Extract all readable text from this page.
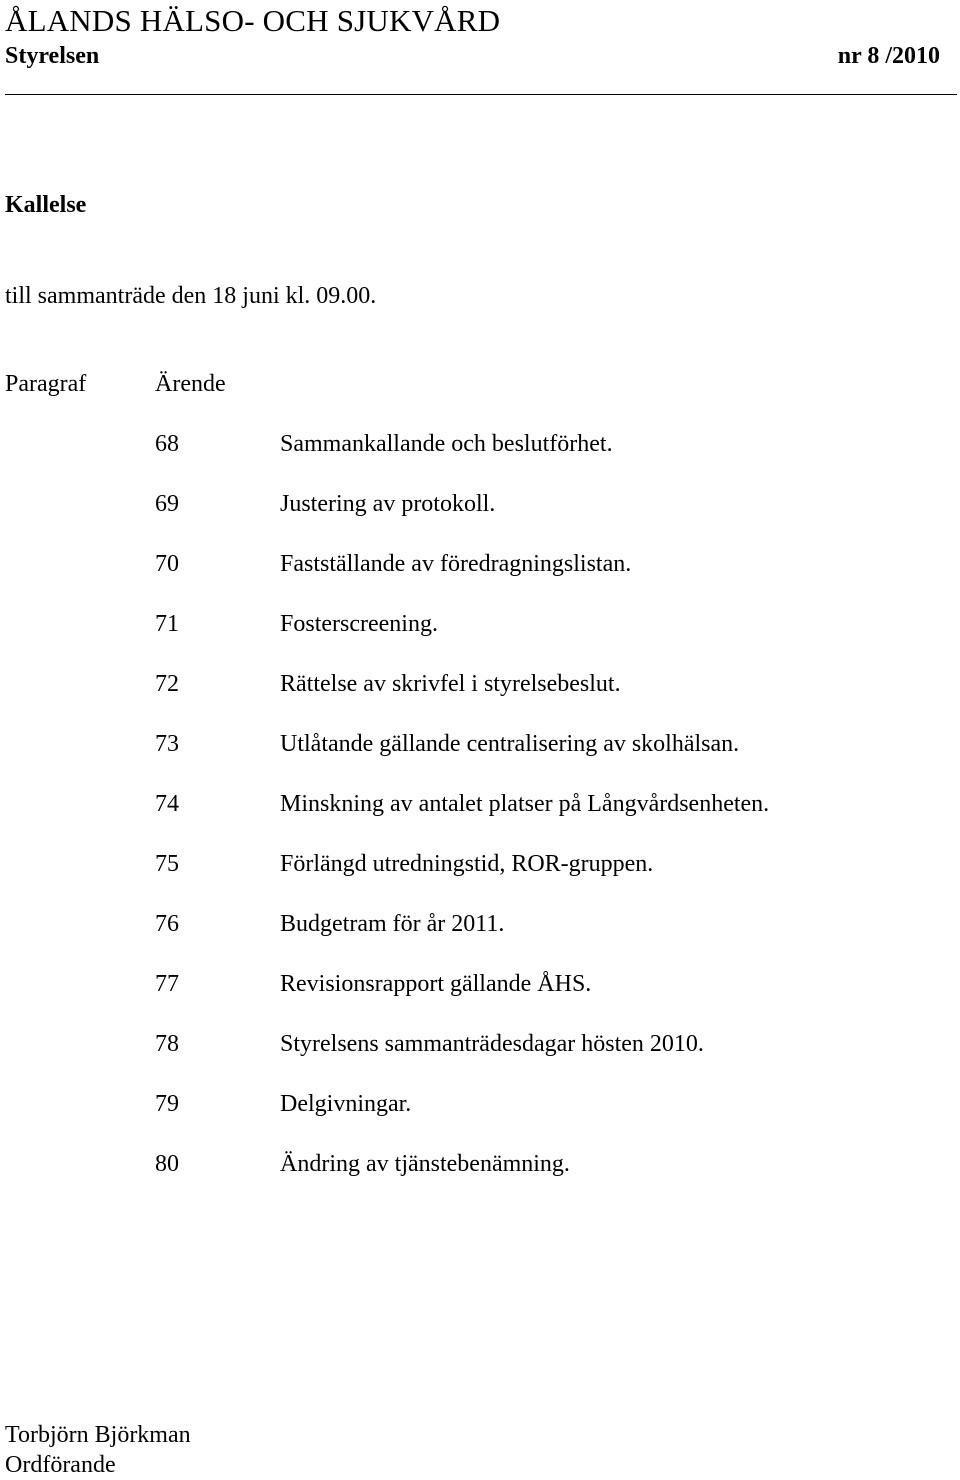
ÅLANDS HÄLSO- OCH SJUKVÅRD
Styrelsen	nr 8 /2010
Kallelse
till sammanträde den 18 juni kl. 09.00.
Paragraf	Ärende
68	Sammankallande och beslutförhet.
69	Justering av protokoll.
70	Fastställande av föredragningslistan.
71	Fosterscreening.
72	Rättelse av skrivfel i styrelsebeslut.
73	Utlåtande gällande centralisering av skolhälsan.
74	Minskning av antalet platser på Långvårdsenheten.
75	Förlängd utredningstid, ROR-gruppen.
76	Budgetram för år 2011.
77	Revisionsrapport gällande ÅHS.
78	Styrelsens sammanträdesdagar hösten 2010.
79	Delgivningar.
80	Ändring av tjänstebenämning.
Torbjörn Björkman
Ordförande
